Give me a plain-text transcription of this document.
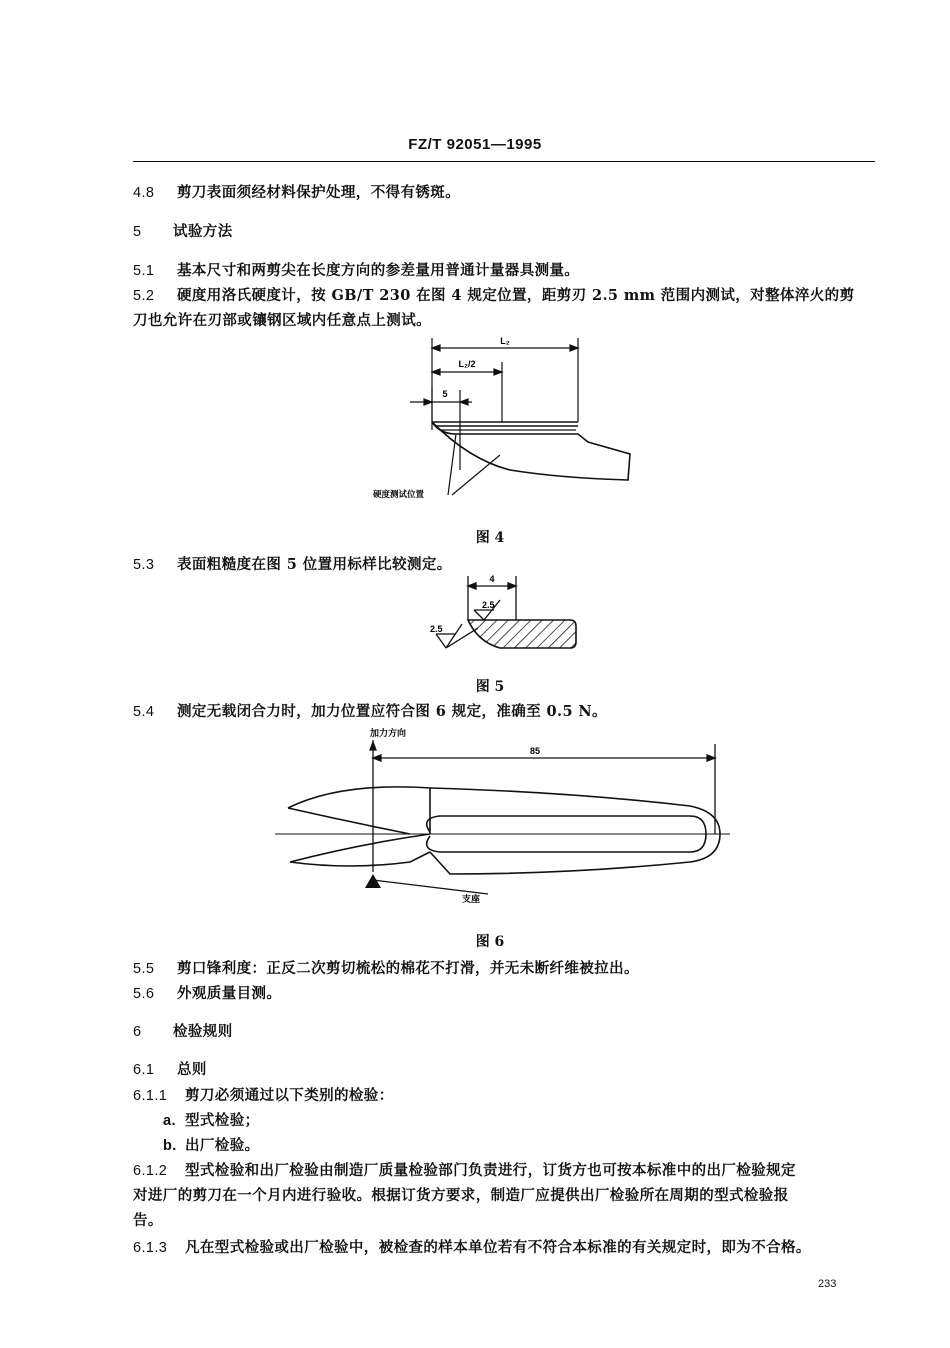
FZ/T 92051—1995
4.8 剪刀表面须经材料保护处理，不得有锈斑。
5 试验方法
5.1 基本尺寸和两剪尖在长度方向的参差量用普通计量器具测量。
5.2 硬度用洛氏硬度计，按 GB/T 230 在图 4 规定位置，距剪刃 2.5 mm 范围内测试，对整体淬火的剪
刀也允许在刃部或镶钢区域内任意点上测试。
L₂
L₂/2
5
硬度测试位置
图 4
5.3 表面粗糙度在图 5 位置用标样比较测定。
4
2.5
2.5
图 5
5.4 测定无载闭合力时，加力位置应符合图 6 规定，准确至 0.5 N。
加力方向
85
支座
图 6
5.5 剪口锋利度：正反二次剪切梳松的棉花不打滑，并无未断纤维被拉出。
5.6 外观质量目测。
6 检验规则
6.1 总则
6.1.1 剪刀必须通过以下类别的检验：
a. 型式检验；
b. 出厂检验。
6.1.2 型式检验和出厂检验由制造厂质量检验部门负责进行，订货方也可按本标准中的出厂检验规定
对进厂的剪刀在一个月内进行验收。根据订货方要求，制造厂应提供出厂检验所在周期的型式检验报
告。
6.1.3 凡在型式检验或出厂检验中，被检查的样本单位若有不符合本标准的有关规定时，即为不合格。
233
